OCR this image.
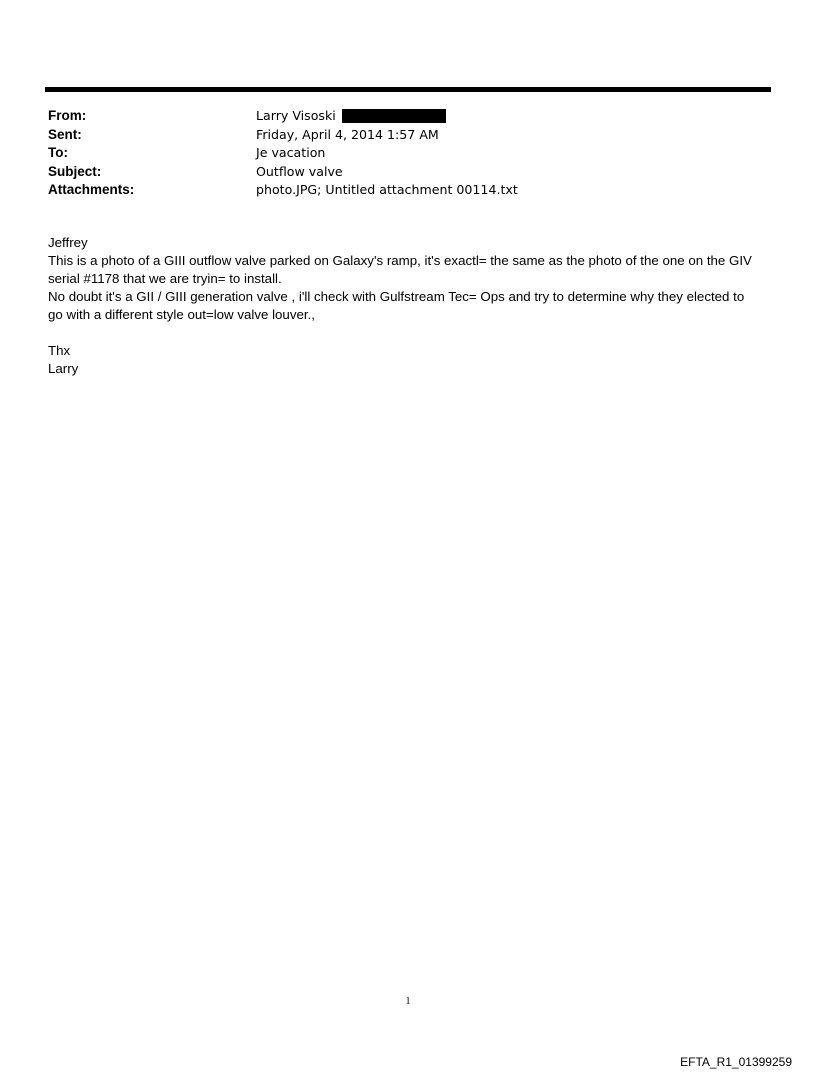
From:	Larry Visoski
Sent:	Friday, April 4, 2014 1:57 AM
To:	Je vacation
Subject:	Outflow valve
Attachments:	photo.JPG; Untitled attachment 00114.txt

Jeffrey

This is a photo of a GIII outflow valve parked on Galaxy's ramp, it's exactl= the same as the photo of the one on the GIV

serial #1178 that we are tryin= to install.

No doubt it's a GII / GIII generation valve , i'll check with Gulfstream Tec= Ops and try to determine why they elected to

go with a different style out=low valve louver.,

Thx

Larry

1
EFTA_R1_01399259
